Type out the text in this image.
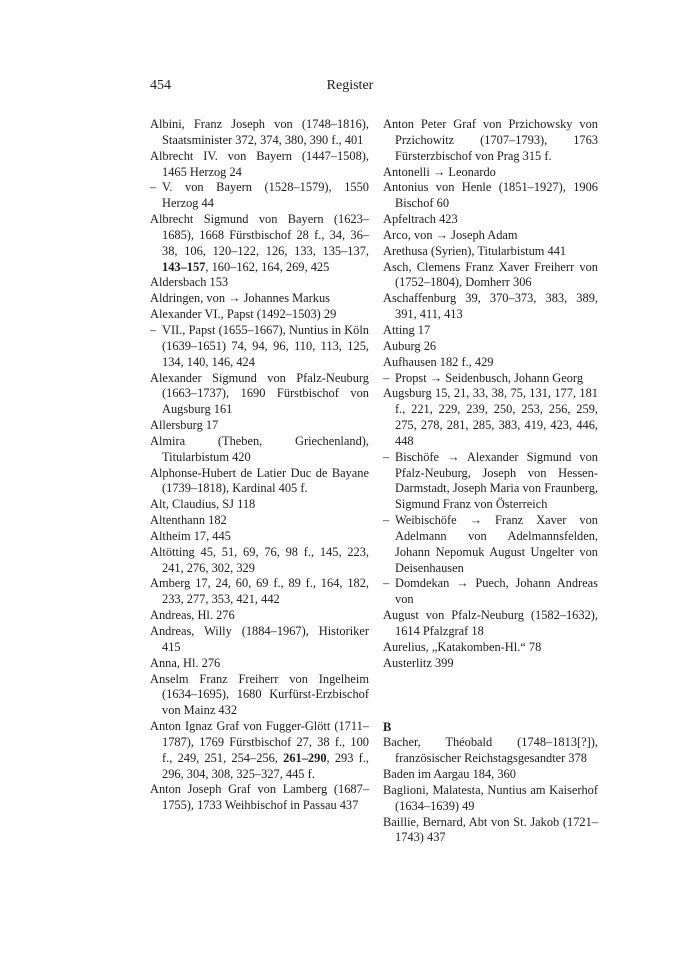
454	Register

Albini, Franz Joseph von (1748–1816), Staatsminister 372, 374, 380, 390 f., 401

Albrecht IV. von Bayern (1447–1508), 1465 Herzog 24

– V. von Bayern (1528–1579), 1550 Herzog 44

Albrecht Sigmund von Bayern (1623–1685), 1668 Fürstbischof 28 f., 34, 36–38, 106, 120–122, 126, 133, 135–137, 143–157, 160–162, 164, 269, 425

Aldersbach 153

Aldringen, von → Johannes Markus

Alexander VI., Papst (1492–1503) 29

– VII., Papst (1655–1667), Nuntius in Köln (1639–1651) 74, 94, 96, 110, 113, 125, 134, 140, 146, 424

Alexander Sigmund von Pfalz-Neuburg (1663–1737), 1690 Fürstbischof von Augsburg 161

Allersburg 17

Almira (Theben, Griechenland), Titularbistum 420

Alphonse-Hubert de Latier Duc de Bayane (1739–1818), Kardinal 405 f.

Alt, Claudius, SJ 118

Altenthann 182

Altheim 17, 445

Altötting 45, 51, 69, 76, 98 f., 145, 223, 241, 276, 302, 329

Amberg 17, 24, 60, 69 f., 89 f., 164, 182, 233, 277, 353, 421, 442

Andreas, Hl. 276

Andreas, Willy (1884–1967), Historiker 415

Anna, Hl. 276

Anselm Franz Freiherr von Ingelheim (1634–1695), 1680 Kurfürst-Erzbischof von Mainz 432

Anton Ignaz Graf von Fugger-Glött (1711–1787), 1769 Fürstbischof 27, 38 f., 100 f., 249, 251, 254–256, 261–290, 293 f., 296, 304, 308, 325–327, 445 f.

Anton Joseph Graf von Lamberg (1687–1755), 1733 Weihbischof in Passau 437

Anton Peter Graf von Przichowsky von Przichowitz (1707–1793), 1763 Fürsterzbischof von Prag 315 f.

Antonelli → Leonardo

Antonius von Henle (1851–1927), 1906 Bischof 60

Apfeltrach 423

Arco, von → Joseph Adam

Arethusa (Syrien), Titularbistum 441

Asch, Clemens Franz Xaver Freiherr von (1752–1804), Domherr 306

Aschaffenburg 39, 370–373, 383, 389, 391, 411, 413

Atting 17

Auburg 26

Aufhausen 182 f., 429

– Propst → Seidenbusch, Johann Georg

Augsburg 15, 21, 33, 38, 75, 131, 177, 181 f., 221, 229, 239, 250, 253, 256, 259, 275, 278, 281, 285, 383, 419, 423, 446, 448

– Bischöfe → Alexander Sigmund von Pfalz-Neuburg, Joseph von Hessen-Darmstadt, Joseph Maria von Fraunberg, Sigmund Franz von Österreich

– Weibischöfe → Franz Xaver von Adelmann von Adelmannsfelden, Johann Nepomuk August Ungelter von Deisenhausen

– Domdekan → Puech, Johann Andreas von

August von Pfalz-Neuburg (1582–1632), 1614 Pfalzgraf 18

Aurelius, „Katakomben-Hl.“ 78

Austerlitz 399

B

Bacher, Théobald (1748–1813[?]), französischer Reichstagsgesandter 378

Baden im Aargau 184, 360

Baglioni, Malatesta, Nuntius am Kaiserhof (1634–1639) 49

Baillie, Bernard, Abt von St. Jakob (1721–1743) 437
